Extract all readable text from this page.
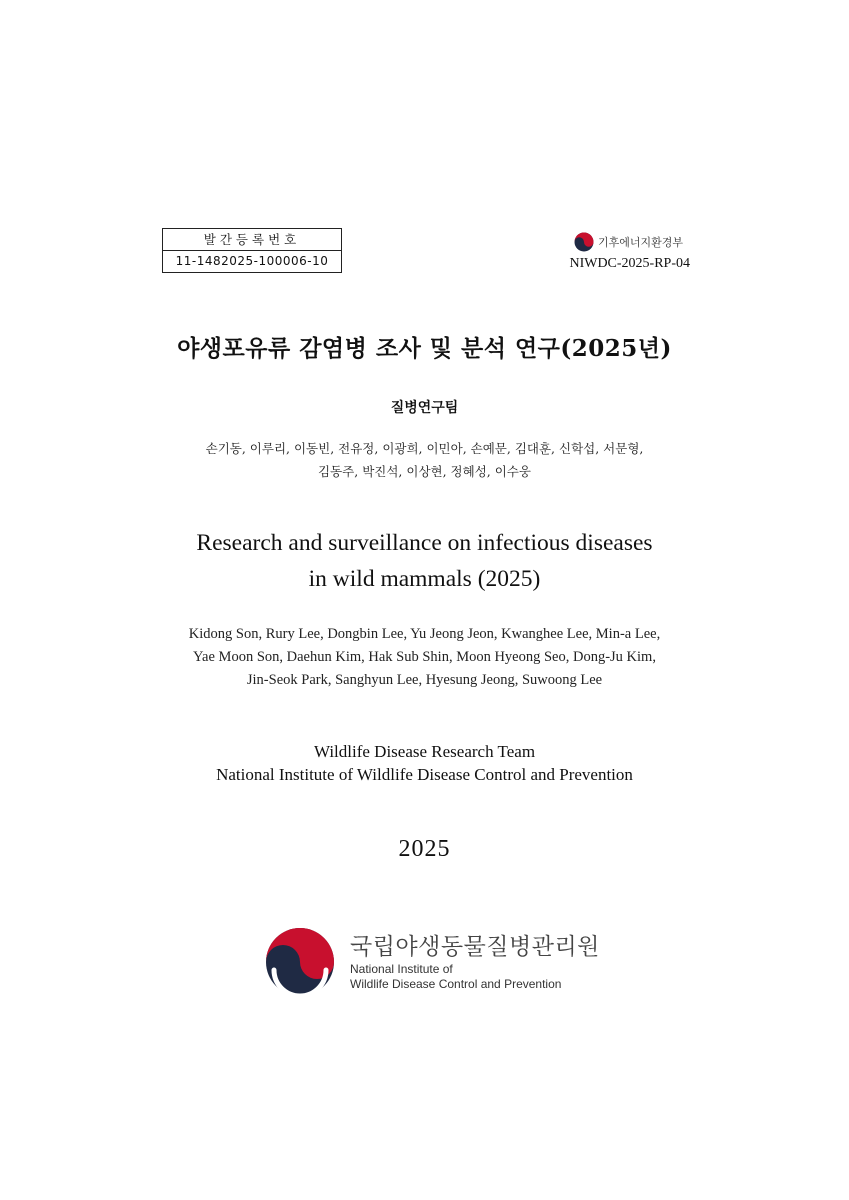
발간등록번호
11-1482025-100006-10
기후에너지환경부
NIWDC-2025-RP-04
야생포유류 감염병 조사 및 분석 연구(2025년)
질병연구팀
손기동, 이루리, 이동빈, 전유정, 이광희, 이민아, 손예문, 김대훈, 신학섭, 서문형,
김동주, 박진석, 이상현, 정혜성, 이수웅
Research and surveillance on infectious diseases
in wild mammals (2025)
Kidong Son, Rury Lee, Dongbin Lee, Yu Jeong Jeon, Kwanghee Lee, Min-a Lee,
Yae Moon Son, Daehun Kim, Hak Sub Shin, Moon Hyeong Seo, Dong-Ju Kim,
Jin-Seok Park, Sanghyun Lee, Hyesung Jeong, Suwoong Lee
Wildlife Disease Research Team
National Institute of Wildlife Disease Control and Prevention
2025
국립야생동물질병관리원
National Institute of
Wildlife Disease Control and Prevention
